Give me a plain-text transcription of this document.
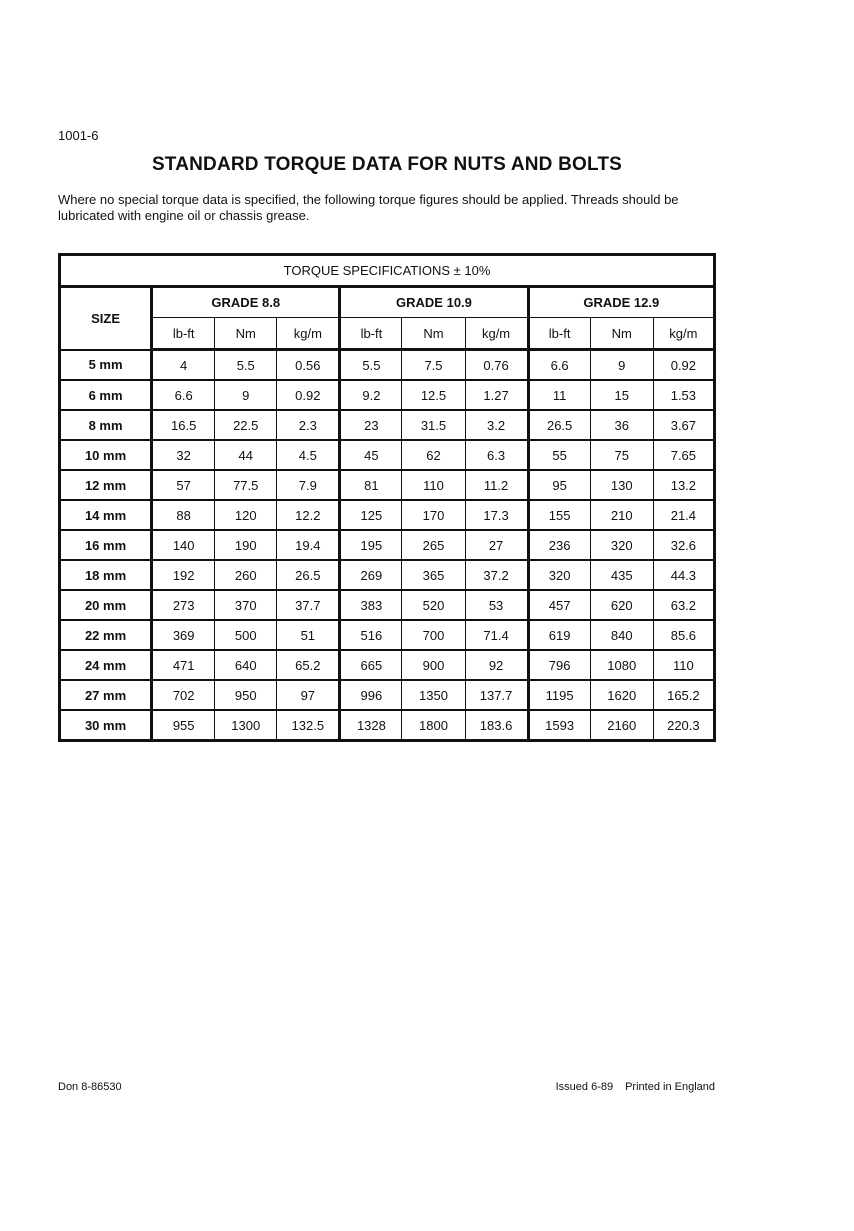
1001-6
STANDARD TORQUE DATA FOR NUTS AND BOLTS
Where no special torque data is specified, the following torque figures should be applied. Threads should be lubricated with engine oil or chassis grease.
TORQUE SPECIFICATIONS ± 10%									
SIZE	GRADE 8.8			GRADE 10.9			GRADE 12.9		
	lb-ft	Nm	kg/m	lb-ft	Nm	kg/m	lb-ft	Nm	kg/m
5 mm	4	5.5	0.56	5.5	7.5	0.76	6.6	9	0.92
6 mm	6.6	9	0.92	9.2	12.5	1.27	11	15	1.53
8 mm	16.5	22.5	2.3	23	31.5	3.2	26.5	36	3.67
10 mm	32	44	4.5	45	62	6.3	55	75	7.65
12 mm	57	77.5	7.9	81	110	11.2	95	130	13.2
14 mm	88	120	12.2	125	170	17.3	155	210	21.4
16 mm	140	190	19.4	195	265	27	236	320	32.6
18 mm	192	260	26.5	269	365	37.2	320	435	44.3
20 mm	273	370	37.7	383	520	53	457	620	63.2
22 mm	369	500	51	516	700	71.4	619	840	85.6
24 mm	471	640	65.2	665	900	92	796	1080	110
27 mm	702	950	97	996	1350	137.7	1195	1620	165.2
30 mm	955	1300	132.5	1328	1800	183.6	1593	2160	220.3
Don 8-86530	Issued 6-89 Printed in England
